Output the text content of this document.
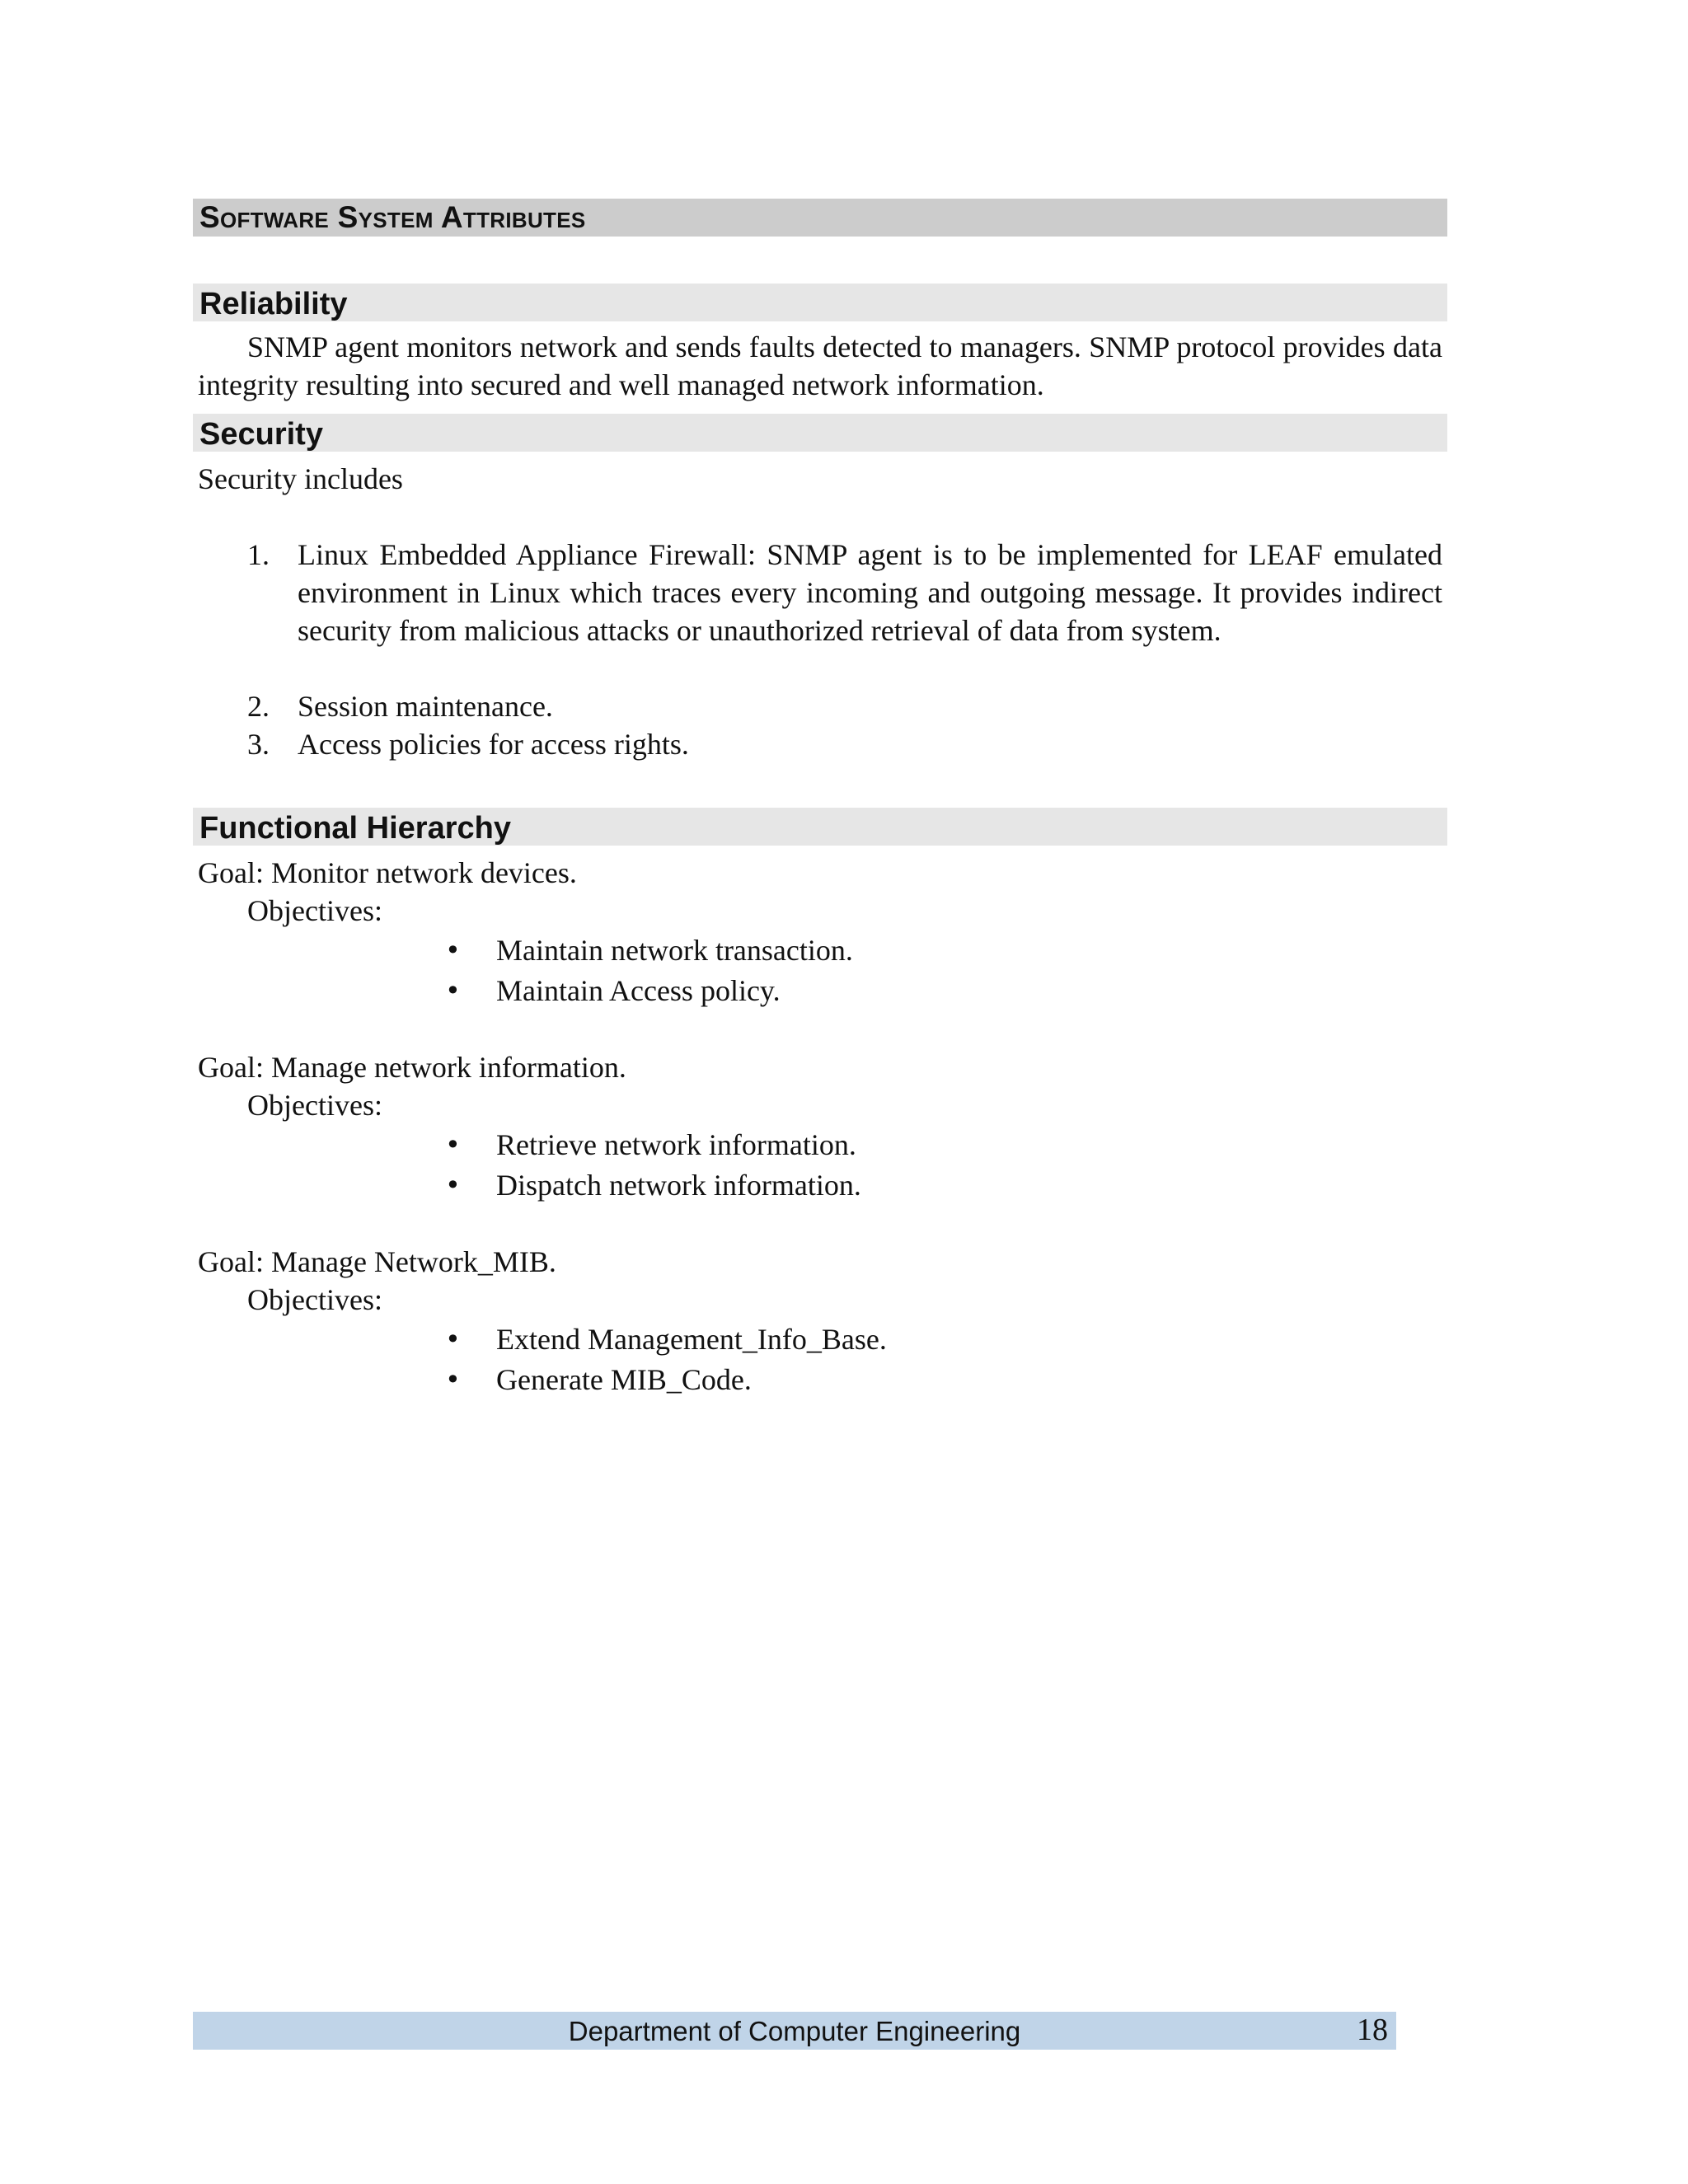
Software System Attributes
Reliability
SNMP agent monitors network and sends faults detected to managers. SNMP protocol provides data integrity resulting into secured and well managed network information.
Security
Security includes
1. Linux Embedded Appliance Firewall: SNMP agent is to be implemented for LEAF emulated environment in Linux which traces every incoming and outgoing message. It provides indirect security from malicious attacks or unauthorized retrieval of data from system.
2. Session maintenance.
3. Access policies for access rights.
Functional Hierarchy
Goal: Monitor network devices.
Objectives:
•	Maintain network transaction.
•	Maintain Access policy.
Goal: Manage network information.
Objectives:
•	Retrieve network information.
•	Dispatch network information.
Goal: Manage Network_MIB.
Objectives:
•	Extend Management_Info_Base.
•	Generate MIB_Code.
Department of Computer Engineering	18
